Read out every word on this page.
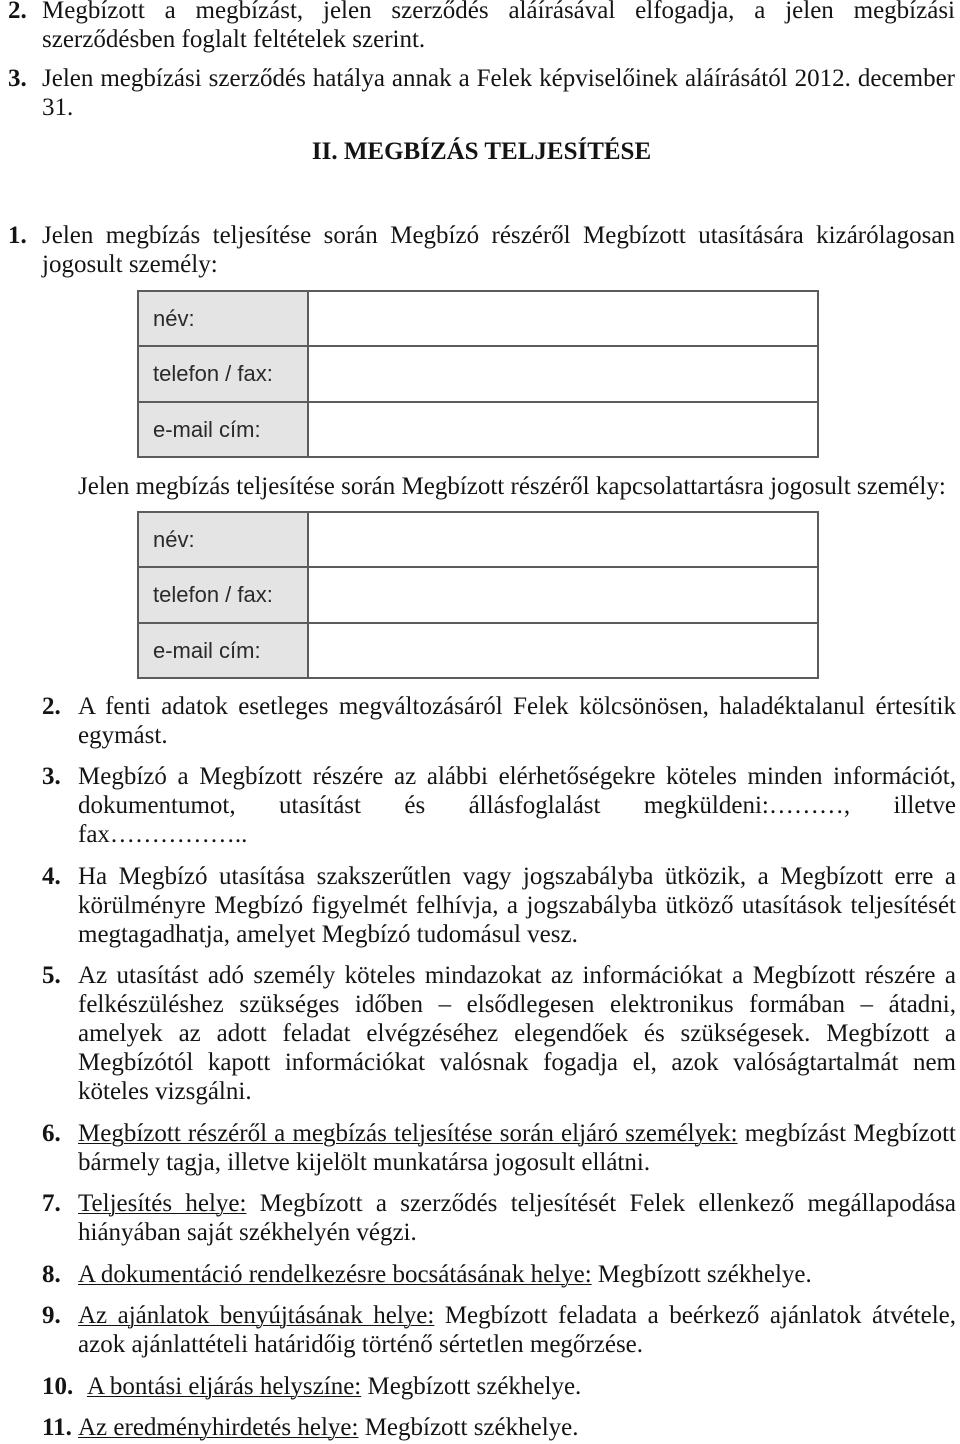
2. Megbízott a megbízást, jelen szerződés aláírásával elfogadja, a jelen megbízási szerződésben foglalt feltételek szerint.
3. Jelen megbízási szerződés hatálya annak a Felek képviselőinek aláírásától 2012. december 31.
II. MEGBÍZÁS TELJESÍTÉSE
1. Jelen megbízás teljesítése során Megbízó részéről Megbízott utasítására kizárólagosan jogosult személy:
név:
telefon / fax:
e-mail cím:
Jelen megbízás teljesítése során Megbízott részéről kapcsolattartásra jogosult személy:
név:
telefon / fax:
e-mail cím:
2. A fenti adatok esetleges megváltozásáról Felek kölcsönösen, haladéktalanul értesítik egymást.
3. Megbízó a Megbízott részére az alábbi elérhetőségekre köteles minden információt, dokumentumot, utasítást és állásfoglalást megküldeni:………, illetve fax……………..
4. Ha Megbízó utasítása szakszerűtlen vagy jogszabályba ütközik, a Megbízott erre a körülményre Megbízó figyelmét felhívja, a jogszabályba ütköző utasítások teljesítését megtagadhatja, amelyet Megbízó tudomásul vesz.
5. Az utasítást adó személy köteles mindazokat az információkat a Megbízott részére a felkészüléshez szükséges időben – elsődlegesen elektronikus formában – átadni, amelyek az adott feladat elvégzéséhez elegendőek és szükségesek. Megbízott a Megbízótól kapott információkat valósnak fogadja el, azok valóságtartalmát nem köteles vizsgálni.
6. Megbízott részéről a megbízás teljesítése során eljáró személyek: megbízást Megbízott bármely tagja, illetve kijelölt munkatársa jogosult ellátni.
7. Teljesítés helye: Megbízott a szerződés teljesítését Felek ellenkező megállapodása hiányában saját székhelyén végzi.
8. A dokumentáció rendelkezésre bocsátásának helye: Megbízott székhelye.
9. Az ajánlatok benyújtásának helye: Megbízott feladata a beérkező ajánlatok átvétele, azok ajánlattételi határidőig történő sértetlen megőrzése.
10. A bontási eljárás helyszíne: Megbízott székhelye.
11. Az eredményhirdetés helye: Megbízott székhelye.
